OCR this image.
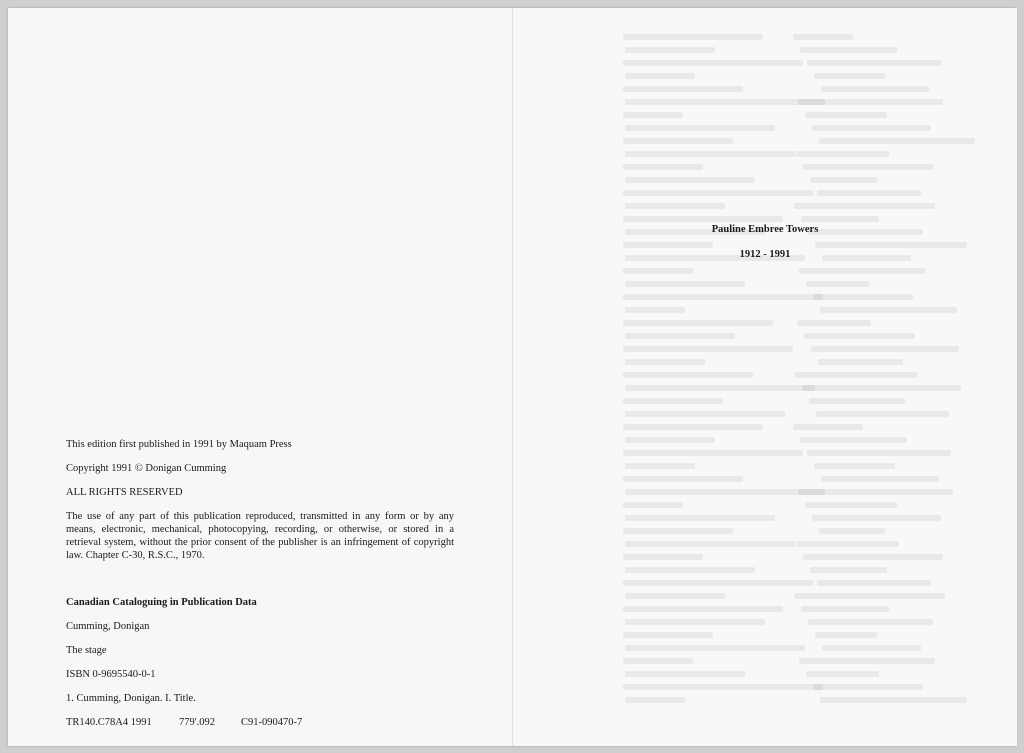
This edition first published in 1991 by Maquam Press
Copyright 1991 © Donigan Cumming
ALL RIGHTS RESERVED
The use of any part of this publication reproduced, transmitted in any form or by any means, electronic, mechanical, photocopying, recording, or otherwise, or stored in a retrieval system, without the prior consent of the publisher is an infringement of copyright law. Chapter C-30, R.S.C., 1970.
Canadian Cataloguing in Publication Data
Cumming, Donigan
The stage
ISBN 0-9695540-0-1
1. Cumming, Donigan. I. Title.
TR140.C78A4 1991	779'.092 C91-090470-7
Pauline Embree Towers
1912 - 1991
